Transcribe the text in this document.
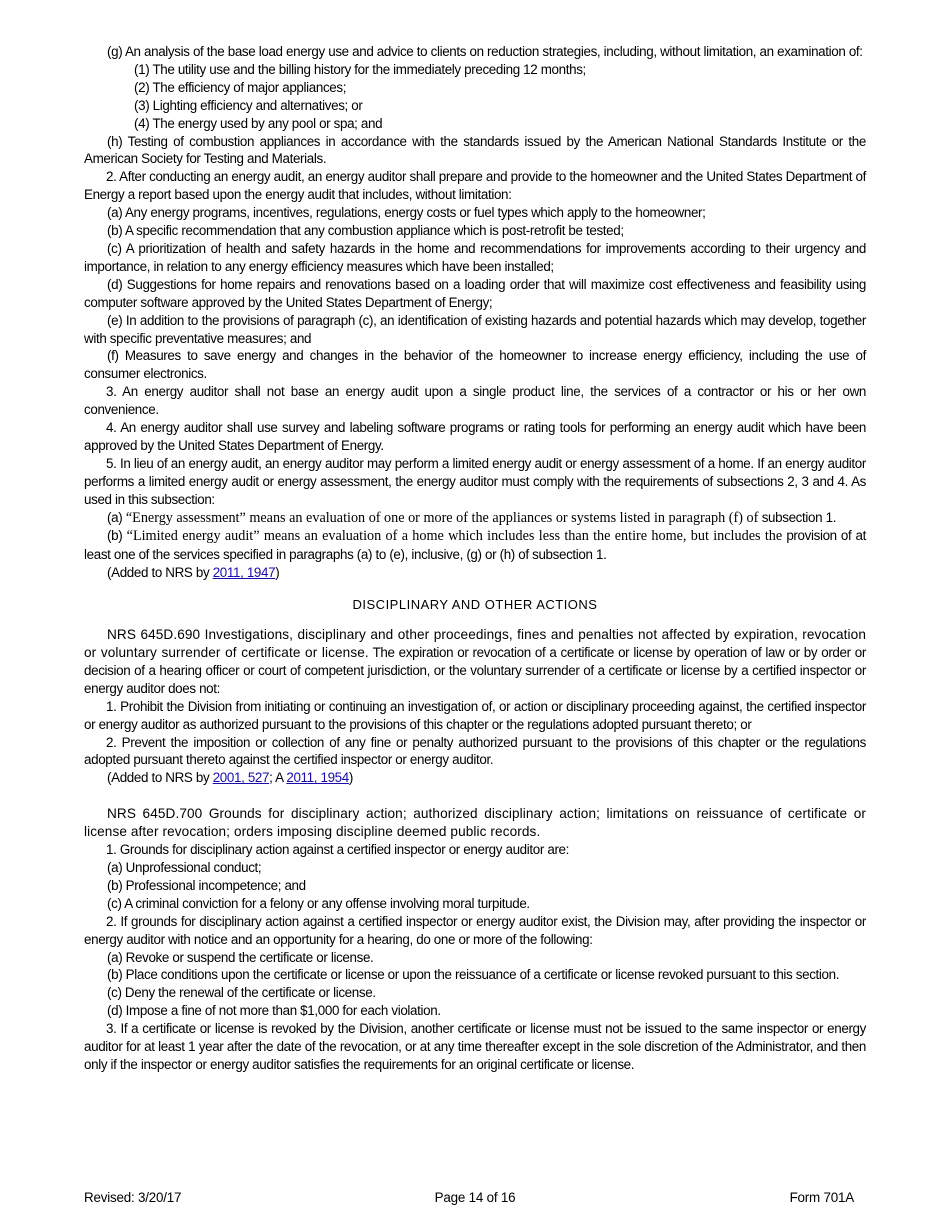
(g) An analysis of the base load energy use and advice to clients on reduction strategies, including, without limitation, an examination of:

(1) The utility use and the billing history for the immediately preceding 12 months;

(2) The efficiency of major appliances;

(3) Lighting efficiency and alternatives; or

(4) The energy used by any pool or spa; and

(h) Testing of combustion appliances in accordance with the standards issued by the American National Standards Institute or the American Society for Testing and Materials.

2. After conducting an energy audit, an energy auditor shall prepare and provide to the homeowner and the United States Department of Energy a report based upon the energy audit that includes, without limitation:

(a) Any energy programs, incentives, regulations, energy costs or fuel types which apply to the homeowner;

(b) A specific recommendation that any combustion appliance which is post-retrofit be tested;

(c) A prioritization of health and safety hazards in the home and recommendations for improvements according to their urgency and importance, in relation to any energy efficiency measures which have been installed;

(d) Suggestions for home repairs and renovations based on a loading order that will maximize cost effectiveness and feasibility using computer software approved by the United States Department of Energy;

(e) In addition to the provisions of paragraph (c), an identification of existing hazards and potential hazards which may develop, together with specific preventative measures; and

(f) Measures to save energy and changes in the behavior of the homeowner to increase energy efficiency, including the use of consumer electronics.

3. An energy auditor shall not base an energy audit upon a single product line, the services of a contractor or his or her own convenience.

4. An energy auditor shall use survey and labeling software programs or rating tools for performing an energy audit which have been approved by the United States Department of Energy.

5. In lieu of an energy audit, an energy auditor may perform a limited energy audit or energy assessment of a home. If an energy auditor performs a limited energy audit or energy assessment, the energy auditor must comply with the requirements of subsections 2, 3 and 4. As used in this subsection:

(a) “Energy assessment” means an evaluation of one or more of the appliances or systems listed in paragraph (f) of subsection 1.

(b) “Limited energy audit” means an evaluation of a home which includes less than the entire home, but includes the provision of at least one of the services specified in paragraphs (a) to (e), inclusive, (g) or (h) of subsection 1.

(Added to NRS by 2011, 1947)

DISCIPLINARY AND OTHER ACTIONS

NRS 645D.690 Investigations, disciplinary and other proceedings, fines and penalties not affected by expiration, revocation or voluntary surrender of certificate or license. The expiration or revocation of a certificate or license by operation of law or by order or decision of a hearing officer or court of competent jurisdiction, or the voluntary surrender of a certificate or license by a certified inspector or energy auditor does not:

1. Prohibit the Division from initiating or continuing an investigation of, or action or disciplinary proceeding against, the certified inspector or energy auditor as authorized pursuant to the provisions of this chapter or the regulations adopted pursuant thereto; or

2. Prevent the imposition or collection of any fine or penalty authorized pursuant to the provisions of this chapter or the regulations adopted pursuant thereto against the certified inspector or energy auditor.

(Added to NRS by 2001, 527; A 2011, 1954)

NRS 645D.700 Grounds for disciplinary action; authorized disciplinary action; limitations on reissuance of certificate or license after revocation; orders imposing discipline deemed public records.

1. Grounds for disciplinary action against a certified inspector or energy auditor are:

(a) Unprofessional conduct;

(b) Professional incompetence; and

(c) A criminal conviction for a felony or any offense involving moral turpitude.

2. If grounds for disciplinary action against a certified inspector or energy auditor exist, the Division may, after providing the inspector or energy auditor with notice and an opportunity for a hearing, do one or more of the following:

(a) Revoke or suspend the certificate or license.

(b) Place conditions upon the certificate or license or upon the reissuance of a certificate or license revoked pursuant to this section.

(c) Deny the renewal of the certificate or license.

(d) Impose a fine of not more than $1,000 for each violation.

3. If a certificate or license is revoked by the Division, another certificate or license must not be issued to the same inspector or energy auditor for at least 1 year after the date of the revocation, or at any time thereafter except in the sole discretion of the Administrator, and then only if the inspector or energy auditor satisfies the requirements for an original certificate or license.

Page 14 of 16
Revised: 3/20/17	Form 701A
